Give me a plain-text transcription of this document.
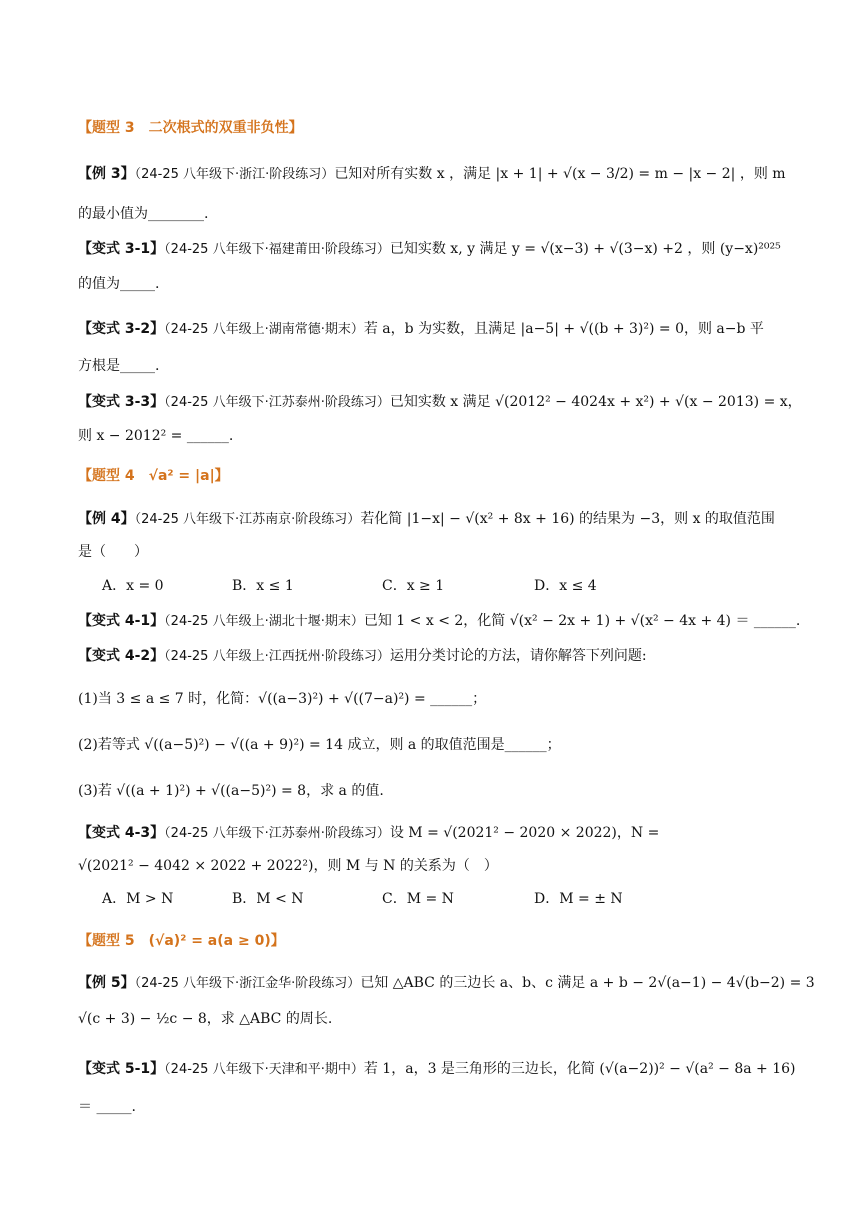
【题型 3　二次根式的双重非负性】
【例 3】（24-25 八年级下·浙江·阶段练习）已知对所有实数 x ，满足 |x + 1| + √(x − 3/2) = m − |x − 2| ，则 m
的最小值为________.
【变式 3-1】（24-25 八年级下·福建莆田·阶段练习）已知实数 x, y 满足 y = √(x−3) + √(3−x) +2 ，则 (y−x)²⁰²⁵
的值为_____.
【变式 3-2】（24-25 八年级上·湖南常德·期末）若 a，b 为实数，且满足 |a−5| + √((b + 3)²) = 0，则 a−b 平
方根是_____.
【变式 3-3】（24-25 八年级下·江苏泰州·阶段练习）已知实数 x 满足 √(2012² − 4024x + x²) + √(x − 2013) = x，
则 x − 2012² = ______.
【题型 4　√a² = |a|】
【例 4】（24-25 八年级下·江苏南京·阶段练习）若化简 |1−x| − √(x² + 8x + 16) 的结果为 −3，则 x 的取值范围
是（　　）
A．x = 0	B．x ≤ 1	C．x ≥ 1	D．x ≤ 4
【变式 4-1】（24-25 八年级上·湖北十堰·期末）已知 1 < x < 2，化简 √(x² − 2x + 1) + √(x² − 4x + 4) ＝ ______.
【变式 4-2】（24-25 八年级上·江西抚州·阶段练习）运用分类讨论的方法，请你解答下列问题:
(1)当 3 ≤ a ≤ 7 时，化简：√((a−3)²) + √((7−a)²) = ______；
(2)若等式 √((a−5)²) − √((a + 9)²) = 14 成立，则 a 的取值范围是______；
(3)若 √((a + 1)²) + √((a−5)²) = 8，求 a 的值.
【变式 4-3】（24-25 八年级下·江苏泰州·阶段练习）设 M = √(2021² − 2020 × 2022)，N =
√(2021² − 4042 × 2022 + 2022²)，则 M 与 N 的关系为（　）
A．M > N	B．M < N	C．M = N	D．M = ± N
【题型 5　(√a)² = a(a ≥ 0)】
【例 5】（24-25 八年级下·浙江金华·阶段练习）已知 △ABC 的三边长 a、b、c 满足 a + b − 2√(a−1) − 4√(b−2) = 3
√(c + 3) − ½c − 8，求 △ABC 的周长.
【变式 5-1】（24-25 八年级下·天津和平·期中）若 1，a，3 是三角形的三边长，化简 (√(a−2))² − √(a² − 8a + 16)
＝ _____.
